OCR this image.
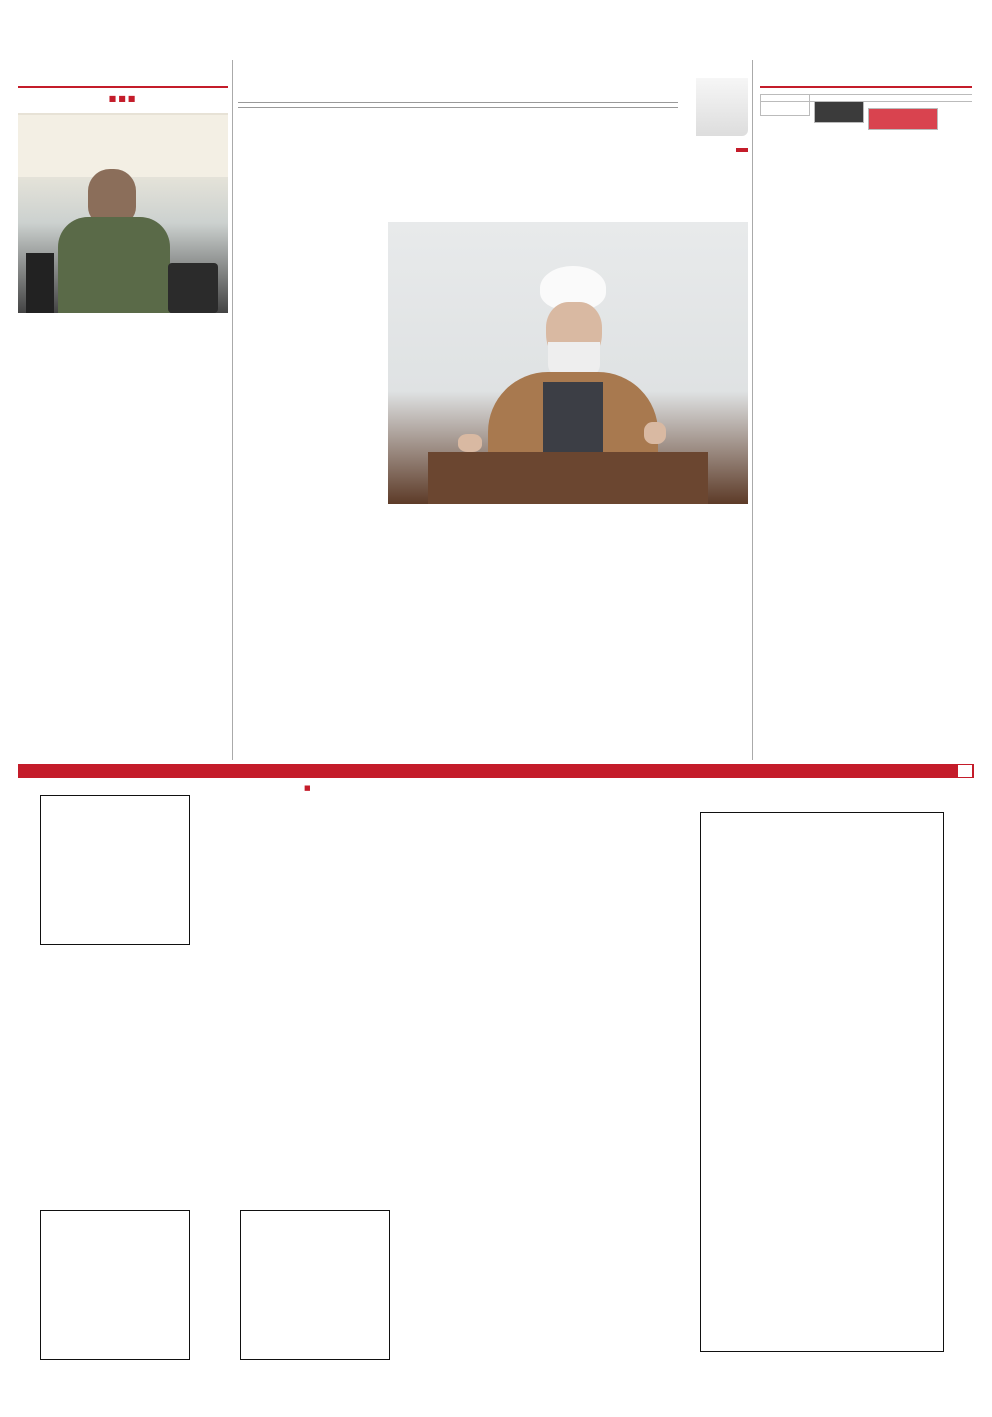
■■■

■
